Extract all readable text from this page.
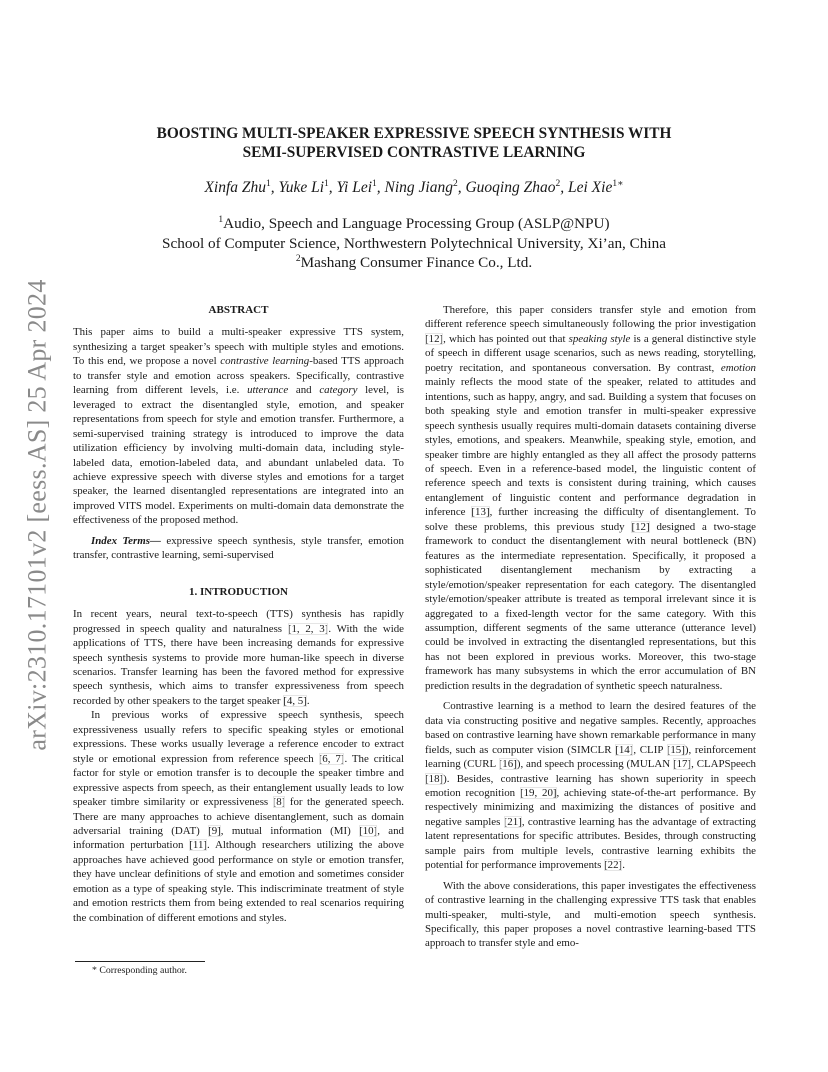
arXiv:2310.17101v2 [eess.AS] 25 Apr 2024
BOOSTING MULTI-SPEAKER EXPRESSIVE SPEECH SYNTHESIS WITH
SEMI-SUPERVISED CONTRASTIVE LEARNING
Xinfa Zhu$^1$, Yuke Li$^1$, Yi Lei$^1$, Ning Jiang$^2$, Guoqing Zhao$^2$, Lei Xie$^{1∗}$
$^1$Audio, Speech and Language Processing Group (ASLP@NPU)
School of Computer Science, Northwestern Polytechnical University, Xi’an, China
$^2$Mashang Consumer Finance Co., Ltd.
ABSTRACT

This paper aims to build a multi-speaker expressive TTS system, synthesizing a target speaker’s speech with multiple styles and emotions. To this end, we propose a novel contrastive learning-based TTS approach to transfer style and emotion across speakers. Specifically, contrastive learning from different levels, i.e. utterance and category level, is leveraged to extract the disentangled style, emotion, and speaker representations from speech for style and emotion transfer. Furthermore, a semi-supervised training strategy is introduced to improve the data utilization efficiency by involving multi-domain data, including style-labeled data, emotion-labeled data, and abundant unlabeled data. To achieve expressive speech with diverse styles and emotions for a target speaker, the learned disentangled representations are integrated into an improved VITS model. Experiments on multi-domain data demonstrate the effectiveness of the proposed method.

Index Terms— expressive speech synthesis, style transfer, emotion transfer, contrastive learning, semi-supervised

1. INTRODUCTION

In recent years, neural text-to-speech (TTS) synthesis has rapidly progressed in speech quality and naturalness [1, 2, 3]. With the wide applications of TTS, there have been increasing demands for expressive speech synthesis systems to provide more human-like speech in diverse scenarios. Transfer learning has been the favored method for expressive speech synthesis, which aims to transfer expressiveness from speech recorded by other speakers to the target speaker [4, 5].

In previous works of expressive speech synthesis, speech expressiveness usually refers to specific speaking styles or emotional expressions. These works usually leverage a reference encoder to extract style or emotional expression from reference speech [6, 7]. The critical factor for style or emotion transfer is to decouple the speaker timbre and expressive aspects from speech, as their entanglement usually leads to low speaker timbre similarity or expressiveness [8] for the generated speech. There are many approaches to achieve disentanglement, such as domain adversarial training (DAT) [9], mutual information (MI) [10], and information perturbation [11]. Although researchers utilizing the above approaches have achieved good performance on style or emotion transfer, they have unclear definitions of style and emotion and sometimes consider emotion as a type of speaking style. This indiscriminate treatment of style and emotion restricts them from being extended to real scenarios requiring the combination of different emotions and styles.

Therefore, this paper considers transfer style and emotion from different reference speech simultaneously following the prior investigation [12], which has pointed out that speaking style is a general distinctive style of speech in different usage scenarios, such as news reading, storytelling, poetry recitation, and spontaneous conversation. By contrast, emotion mainly reflects the mood state of the speaker, related to attitudes and intentions, such as happy, angry, and sad. Building a system that focuses on both speaking style and emotion transfer in multi-speaker expressive speech synthesis usually requires multi-domain datasets containing diverse styles, emotions, and speakers. Meanwhile, speaking style, emotion, and speaker timbre are highly entangled as they all affect the prosody patterns of speech. Even in a reference-based model, the linguistic content of reference speech and texts is consistent during training, which causes entanglement of linguistic content and performance degradation in inference [13], further increasing the difficulty of disentanglement. To solve these problems, this previous study [12] designed a two-stage framework to conduct the disentanglement with neural bottleneck (BN) features as the intermediate representation. Specifically, it proposed a sophisticated disentanglement mechanism by extracting a style/emotion/speaker representation for each category. The disentangled style/emotion/speaker attribute is treated as temporal irrelevant since it is aggregated to a fixed-length vector for the same category. With this assumption, different segments of the same utterance (utterance level) could be involved in extracting the disentangled representations, but this has not been explored in previous works. Moreover, this two-stage framework has many subsystems in which the error accumulation of BN prediction results in the degradation of synthetic speech naturalness.

Contrastive learning is a method to learn the desired features of the data via constructing positive and negative samples. Recently, approaches based on contrastive learning have shown remarkable performance in many fields, such as computer vision (SIMCLR [14], CLIP [15]), reinforcement learning (CURL [16]), and speech processing (MULAN [17], CLAPSpeech [18]). Besides, contrastive learning has shown superiority in speech emotion recognition [19, 20], achieving state-of-the-art performance. By respectively minimizing and maximizing the distances of positive and negative samples [21], contrastive learning has the advantage of extracting latent representations for specific attributes. Besides, through constructing sample pairs from multiple levels, contrastive learning exhibits the potential for performance improvements [22].

With the above considerations, this paper investigates the effectiveness of contrastive learning in the challenging expressive TTS task that enables multi-speaker, multi-style, and multi-emotion speech synthesis. Specifically, this paper proposes a novel contrastive learning-based TTS approach to transfer style and emo-

* Corresponding author.
